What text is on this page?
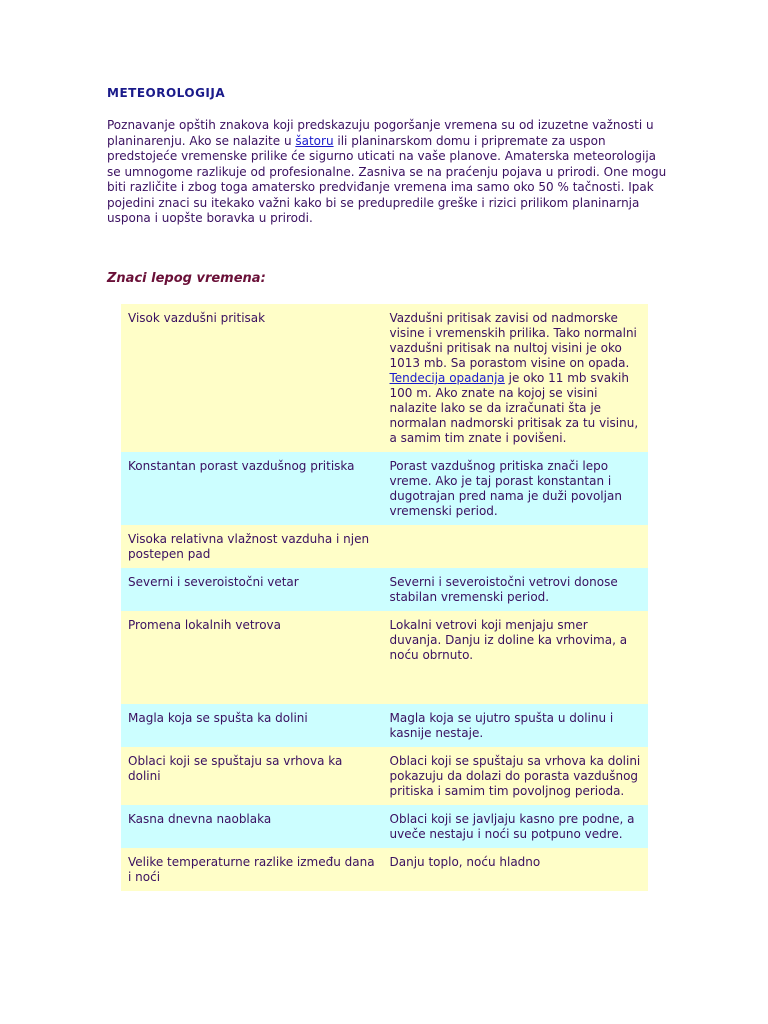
METEOROLOGIJA

Poznavanje opštih znakova koji predskazuju pogoršanje vremena su od izuzetne važnosti u planinarenju. Ako se nalazite u šatoru ili planinarskom domu i pripremate za uspon predstojeće vremenske prilike će sigurno uticati na vaše planove. Amaterska meteorologija se umnogome razlikuje od profesionalne. Zasniva se na praćenju pojava u prirodi. One mogu biti različite i zbog toga amatersko predviđanje vremena ima samo oko 50 % tačnosti. Ipak pojedini znaci su itekako važni kako bi se predupredile greške i rizici prilikom planinarnja uspona i uopšte boravka u prirodi.

Znaci lepog vremena:
Visok vazdušni pritisak	Vazdušni pritisak zavisi od nadmorske visine i vremenskih prilika. Tako normalni vazdušni pritisak na nultoj visini je oko 1013 mb. Sa porastom visine on opada. Tendecija opadanja je oko 11 mb svakih 100 m. Ako znate na kojoj se visini nalazite lako se da izračunati šta je normalan nadmorski pritisak za tu visinu, a samim tim znate i povišeni.
Konstantan porast vazdušnog pritiska	Porast vazdušnog pritiska znači lepo vreme. Ako je taj porast konstantan i dugotrajan pred nama je duži povoljan vremenski period.
Visoka relativna vlažnost vazduha i njen postepen pad	
Severni i severoistočni vetar	Severni i severoistočni vetrovi donose stabilan vremenski period.
Promena lokalnih vetrova	Lokalni vetrovi koji menjaju smer duvanja. Danju iz doline ka vrhovima, a noću obrnuto.
Magla koja se spušta ka dolini	Magla koja se ujutro spušta u dolinu i kasnije nestaje.
Oblaci koji se spuštaju sa vrhova ka dolini	Oblaci koji se spuštaju sa vrhova ka dolini pokazuju da dolazi do porasta vazdušnog pritiska i samim tim povoljnog perioda.
Kasna dnevna naoblaka	Oblaci koji se javljaju kasno pre podne, a uveče nestaju i noći su potpuno vedre.
Velike temperaturne razlike između dana i noći	Danju toplo, noću hladno
